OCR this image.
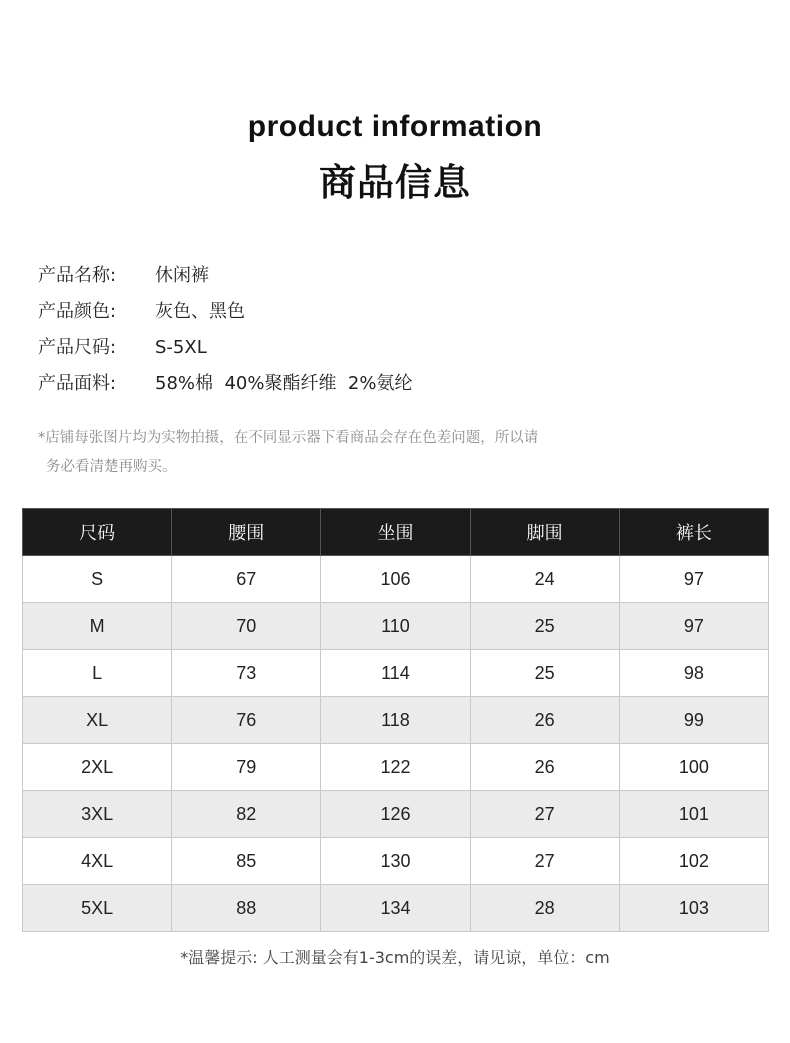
product information
商品信息
产品名称:	休闲裤
产品颜色:	灰色、黑色
产品尺码:	S-5XL
产品面料:	58%棉  40%聚酯纤维  2%氨纶
*店铺每张图片均为实物拍摄，在不同显示器下看商品会存在色差问题，所以请
务必看清楚再购买。
尺码	腰围	坐围	脚围	裤长
S	67	106	24	97
M	70	110	25	97
L	73	114	25	98
XL	76	118	26	99
2XL	79	122	26	100
3XL	82	126	27	101
4XL	85	130	27	102
5XL	88	134	28	103
*温馨提示: 人工测量会有1-3cm的误差，请见谅，单位：cm
